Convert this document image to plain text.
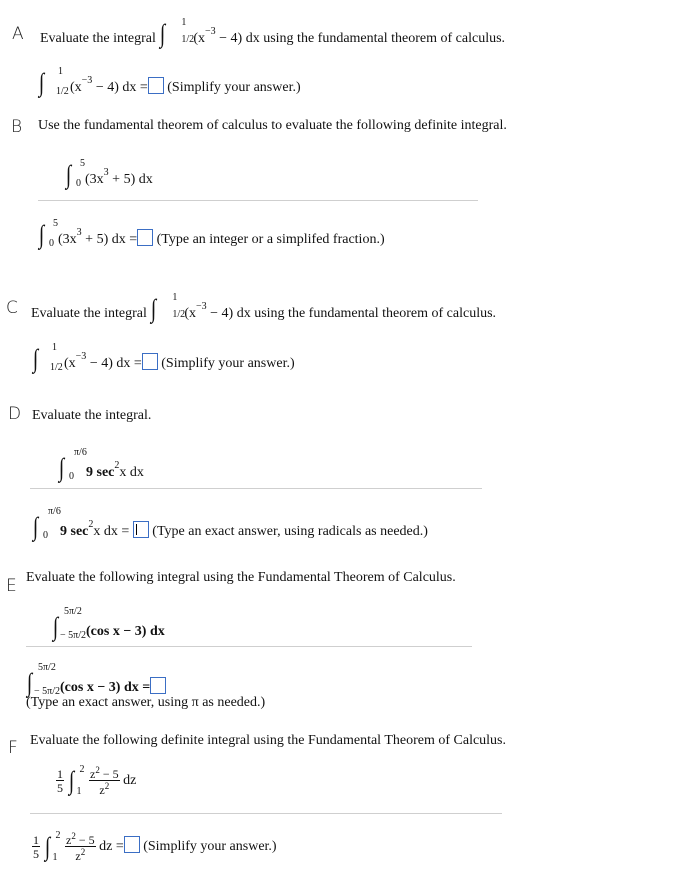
A Evaluate the integral ∫ 1
1/2 $(x^{-3} - 4)$ dx using the fundamental theorem of calculus.
∫ 1
1/2 $(x^{-3} - 4)$ dx = (Simplify your answer.)
B Use the fundamental theorem of calculus to evaluate the following definite integral.
∫ 5
0 $(3x^3 + 5)$ dx
∫ 5
0 $(3x^3 + 5)$ dx = (Type an integer or a simplifed fraction.)
C Evaluate the integral ∫ 1
1/2 $(x^{-3} - 4)$ dx using the fundamental theorem of calculus.
∫ 1
1/2 $(x^{-3} - 4)$ dx = (Simplify your answer.)
D Evaluate the integral.
∫
π/6
0 9 $\sec^2x$ dx
∫
π/6
0 9 $\sec^2x$ dx = (Type an exact answer, using radicals as needed.)
E Evaluate the following integral using the Fundamental Theorem of Calculus.
∫
5π/2
− 5π/2 (cos x − 3) dx
∫
5π/2
− 5π/2 (cos x − 3) dx =
(Type an exact answer, using π as needed.)
F Evaluate the following definite integral using the Fundamental Theorem of Calculus.
$\frac{1}{5}$ ∫ 2
1
$\frac{z^2 - 5}{z^2}$ dz
$\frac{1}{5}$ ∫ 2
1
$\frac{z^2 - 5}{z^2}$ dz = (Simplify your answer.)
